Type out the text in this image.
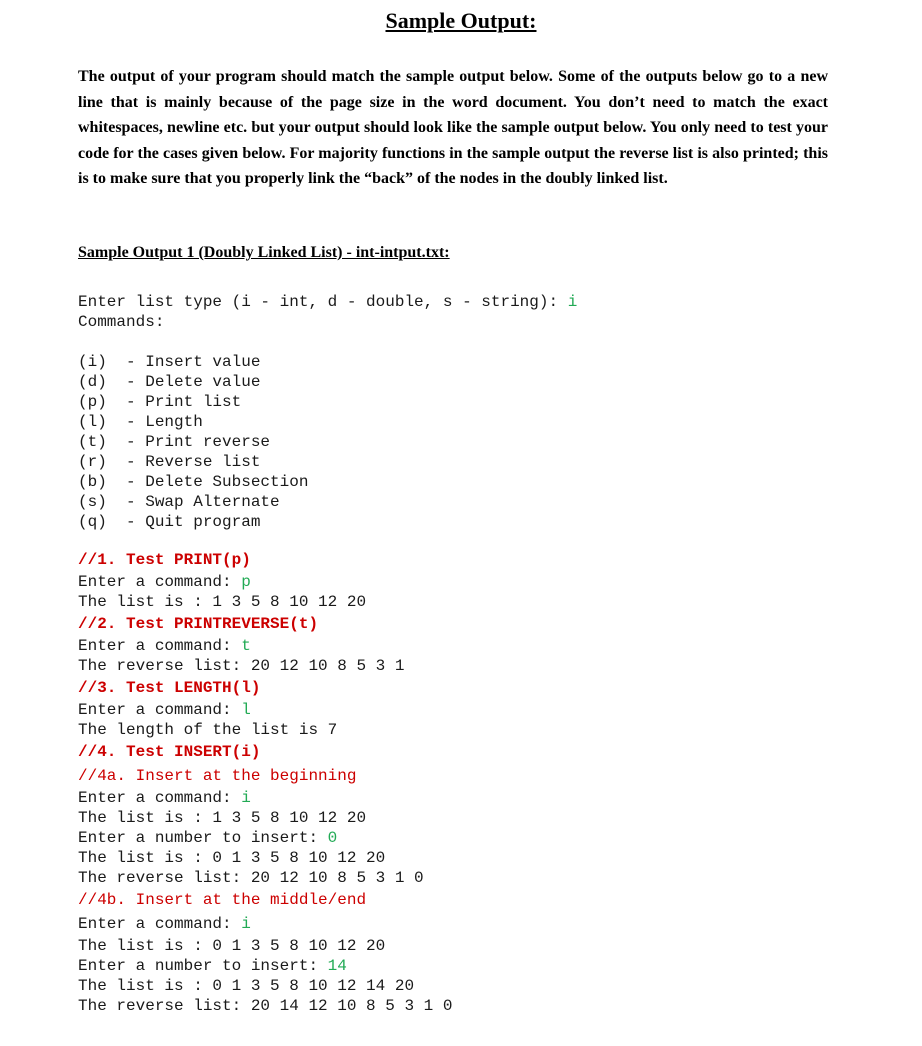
Sample Output:

The output of your program should match the sample output below. Some of the outputs below go to a new line that is mainly because of the page size in the word document. You don’t need to match the exact whitespaces, newline etc. but your output should look like the sample output below. You only need to test your code for the cases given below. For majority functions in the sample output the reverse list is also printed; this is to make sure that you properly link the “back” of the nodes in the doubly linked list.

Sample Output 1 (Doubly Linked List) - int-intput.txt:
Enter list type (i - int, d - double, s - string): i
Commands:
(i)  - Insert value
(d)  - Delete value
(p)  - Print list
(l)  - Length
(t)  - Print reverse
(r)  - Reverse list
(b)  - Delete Subsection
(s)  - Swap Alternate
(q)  - Quit program
//1. Test PRINT(p)
Enter a command: p
The list is : 1 3 5 8 10 12 20
//2. Test PRINTREVERSE(t)
Enter a command: t
The reverse list: 20 12 10 8 5 3 1
//3. Test LENGTH(l)
Enter a command: l
The length of the list is 7
//4. Test INSERT(i)
//4a. Insert at the beginning
Enter a command: i
The list is : 1 3 5 8 10 12 20
Enter a number to insert: 0
The list is : 0 1 3 5 8 10 12 20
The reverse list: 20 12 10 8 5 3 1 0
//4b. Insert at the middle/end
Enter a command: i
The list is : 0 1 3 5 8 10 12 20
Enter a number to insert: 14
The list is : 0 1 3 5 8 10 12 14 20
The reverse list: 20 14 12 10 8 5 3 1 0
